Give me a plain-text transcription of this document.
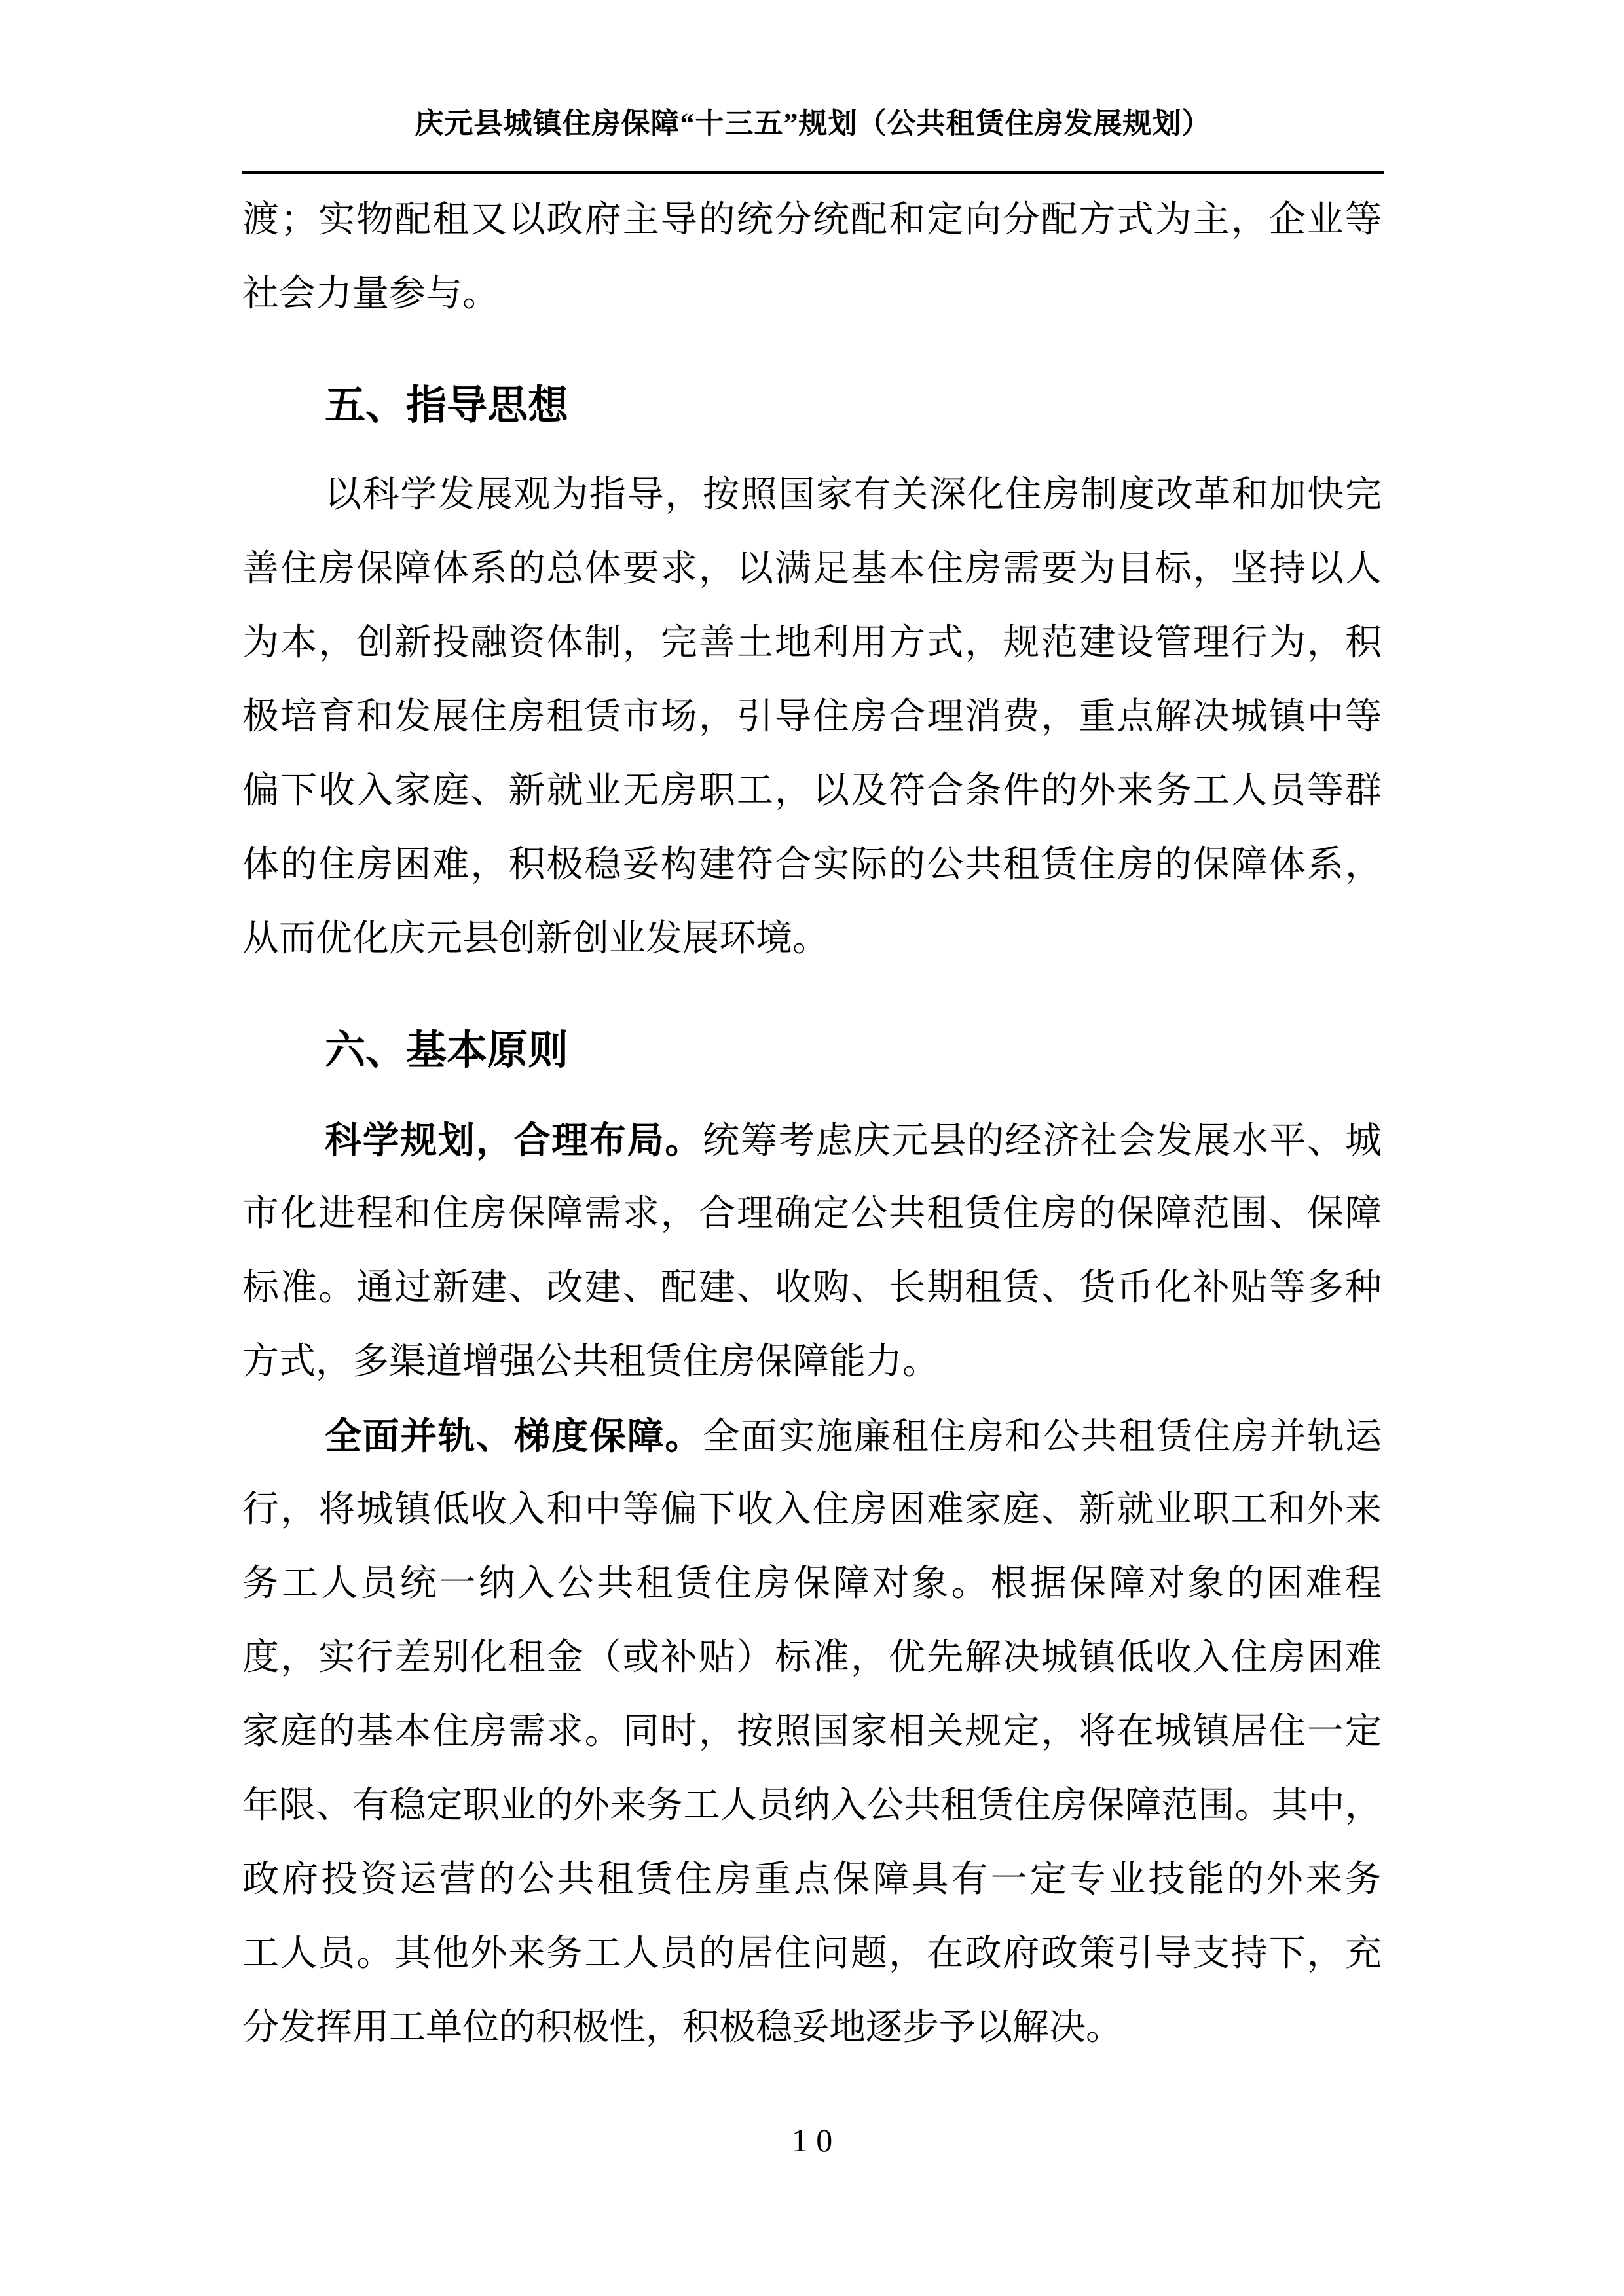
庆元县城镇住房保障“十三五”规划（公共租赁住房发展规划）
渡；实物配租又以政府主导的统分统配和定向分配方式为主，企业等
社会力量参与。
五、指导思想
以科学发展观为指导，按照国家有关深化住房制度改革和加快完
善住房保障体系的总体要求，以满足基本住房需要为目标，坚持以人
为本，创新投融资体制，完善土地利用方式，规范建设管理行为，积
极培育和发展住房租赁市场，引导住房合理消费，重点解决城镇中等
偏下收入家庭、新就业无房职工，以及符合条件的外来务工人员等群
体的住房困难，积极稳妥构建符合实际的公共租赁住房的保障体系，
从而优化庆元县创新创业发展环境。
六、基本原则
科学规划，合理布局。统筹考虑庆元县的经济社会发展水平、城
市化进程和住房保障需求，合理确定公共租赁住房的保障范围、保障
标准。通过新建、改建、配建、收购、长期租赁、货币化补贴等多种
方式，多渠道增强公共租赁住房保障能力。
全面并轨、梯度保障。全面实施廉租住房和公共租赁住房并轨运
行，将城镇低收入和中等偏下收入住房困难家庭、新就业职工和外来
务工人员统一纳入公共租赁住房保障对象。根据保障对象的困难程
度，实行差别化租金（或补贴）标准，优先解决城镇低收入住房困难
家庭的基本住房需求。同时，按照国家相关规定，将在城镇居住一定
年限、有稳定职业的外来务工人员纳入公共租赁住房保障范围。其中，
政府投资运营的公共租赁住房重点保障具有一定专业技能的外来务
工人员。其他外来务工人员的居住问题，在政府政策引导支持下，充
分发挥用工单位的积极性，积极稳妥地逐步予以解决。
1 0
